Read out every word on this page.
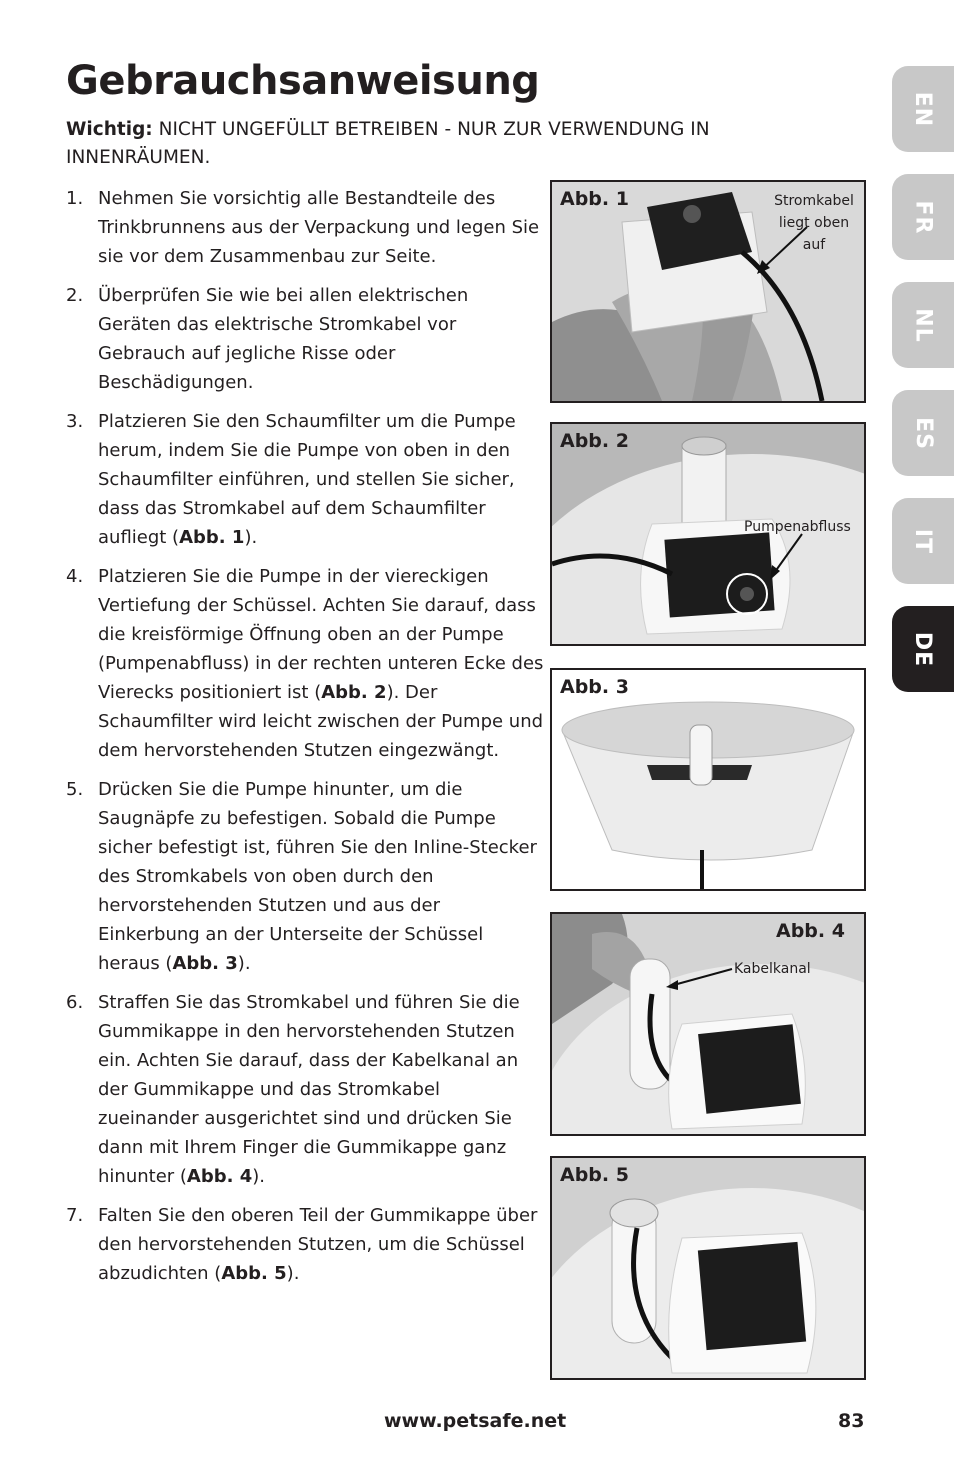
Gebrauchsanweisung
Wichtig: NICHT UNGEFÜLLT BETREIBEN - NUR ZUR VERWENDUNG IN INNENRÄUMEN.
1. Nehmen Sie vorsichtig alle Bestandteile des Trinkbrunnens aus der Verpackung und legen Sie sie vor dem Zusammenbau zur Seite.
2. Überprüfen Sie wie bei allen elektrischen Geräten das elektrische Stromkabel vor Gebrauch auf jegliche Risse oder Beschädigungen.
3. Platzieren Sie den Schaumfilter um die Pumpe herum, indem Sie die Pumpe von oben in den Schaumfilter einführen, und stellen Sie sicher, dass das Stromkabel auf dem Schaumfilter aufliegt (Abb. 1).
4. Platzieren Sie die Pumpe in der viereckigen Vertiefung der Schüssel. Achten Sie darauf, dass die kreisförmige Öffnung oben an der Pumpe (Pumpenabfluss) in der rechten unteren Ecke des Vierecks positioniert ist (Abb. 2). Der Schaumfilter wird leicht zwischen der Pumpe und dem hervorstehenden Stutzen eingezwängt.
5. Drücken Sie die Pumpe hinunter, um die Saugnäpfe zu befestigen. Sobald die Pumpe sicher befestigt ist, führen Sie den Inline-Stecker des Stromkabels von oben durch den hervorstehenden Stutzen und aus der Einkerbung an der Unterseite der Schüssel heraus (Abb. 3).
6. Straffen Sie das Stromkabel und führen Sie die Gummikappe in den hervorstehenden Stutzen ein. Achten Sie darauf, dass der Kabelkanal an der Gummikappe und das Stromkabel zueinander ausgerichtet sind und drücken Sie dann mit Ihrem Finger die Gummikappe ganz hinunter (Abb. 4).
7. Falten Sie den oberen Teil der Gummikappe über den hervorstehenden Stutzen, um die Schüssel abzudichten (Abb. 5).
Abb. 1	Stromkabel
liegt oben
auf
Abb. 2
Pumpenabfluss
Abb. 3
Abb. 4
Kabelkanal
Abb. 5
EN
FR
NL
ES
IT
DE
www.petsafe.net	83
